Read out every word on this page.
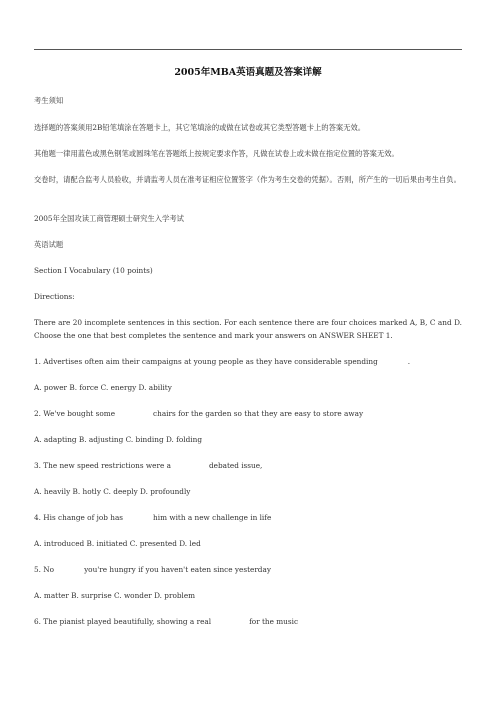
2005年MBA英语真题及答案详解
考生须知
选择题的答案须用2B铅笔填涂在答题卡上，其它笔填涂的或做在试卷或其它类型答题卡上的答案无效。
其他题一律用蓝色或黑色钢笔或圆珠笔在答题纸上按规定要求作答，凡做在试卷上或未做在指定位置的答案无效。
交卷时，请配合监考人员验收，并请监考人员在准考证相应位置签字（作为考生交卷的凭据）。否则，所产生的一切后果由考生自负。
2005年全国攻读工商管理硕士研究生入学考试
英语试题
Section I Vocabulary (10 points)
Directions:
There are 20 incomplete sentences in this section. For each sentence there are four choices marked A, B, C and D. Choose the one that best completes the sentence and mark your answers on ANSWER SHEET 1.
1. Advertises often aim their campaigns at young people as they have considerable spending	.
A. power B. force C. energy D. ability
2. We've bought some	chairs for the garden so that they are easy to store away
A. adapting B. adjusting C. binding D. folding
3. The new speed restrictions were a	debated issue,
A. heavily B. hotly C. deeply D. profoundly
4. His change of job has	him with a new challenge in life
A. introduced B. initiated C. presented D. led
5. No	you're hungry if you haven't eaten since yesterday
A. matter B. surprise C. wonder D. problem
6. The pianist played beautifully, showing a real	for the music
